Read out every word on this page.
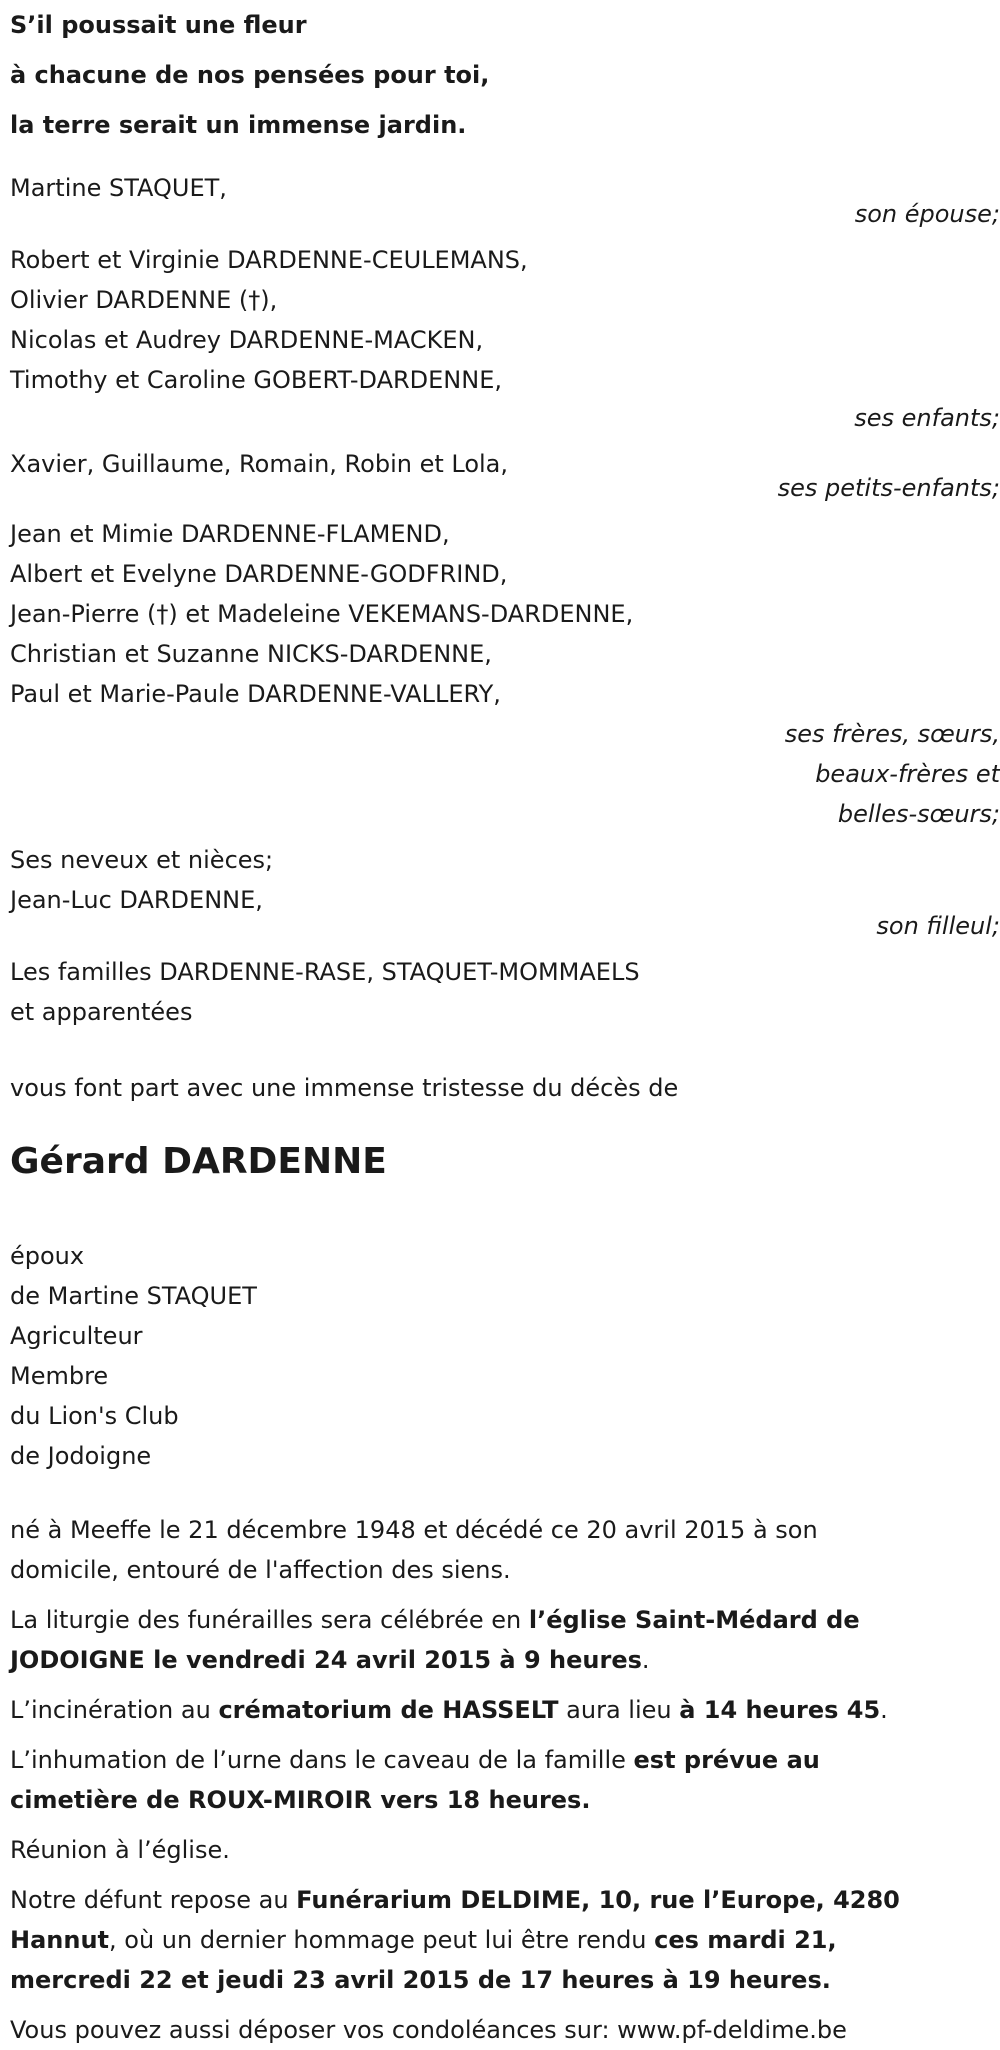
S’il poussait une fleur
à chacune de nos pensées pour toi,
la terre serait un immense jardin.
Martine STAQUET,
son épouse;
Robert et Virginie DARDENNE-CEULEMANS,
Olivier DARDENNE (†),
Nicolas et Audrey DARDENNE-MACKEN,
Timothy et Caroline GOBERT-DARDENNE,
ses enfants;
Xavier, Guillaume, Romain, Robin et Lola,
ses petits-enfants;
Jean et Mimie DARDENNE-FLAMEND,
Albert et Evelyne DARDENNE-GODFRIND,
Jean-Pierre (†) et Madeleine VEKEMANS-DARDENNE,
Christian et Suzanne NICKS-DARDENNE,
Paul et Marie-Paule DARDENNE-VALLERY,
ses frères, sœurs,
beaux-frères et
belles-sœurs;
Ses neveux et nièces;
Jean-Luc DARDENNE,
son filleul;
Les familles DARDENNE-RASE, STAQUET-MOMMAELS
et apparentées
vous font part avec une immense tristesse du décès de
Gérard DARDENNE
époux
de Martine STAQUET
Agriculteur
Membre
du Lion's Club
de Jodoigne
né à Meeffe le 21 décembre 1948 et décédé ce 20 avril 2015 à son domicile, entouré de l'affection des siens.
La liturgie des funérailles sera célébrée en l’église Saint-Médard de JODOIGNE le vendredi 24 avril 2015 à 9 heures.
L’incinération au crématorium de HASSELT aura lieu à 14 heures 45.
L’inhumation de l’urne dans le caveau de la famille est prévue au cimetière de ROUX-MIROIR vers 18 heures.
Réunion à l’église.
Notre défunt repose au Funérarium DELDIME, 10, rue l’Europe, 4280 Hannut, où un dernier hommage peut lui être rendu ces mardi 21, mercredi 22 et jeudi 23 avril 2015 de 17 heures à 19 heures.
Vous pouvez aussi déposer vos condoléances sur: www.pf-deldime.be
